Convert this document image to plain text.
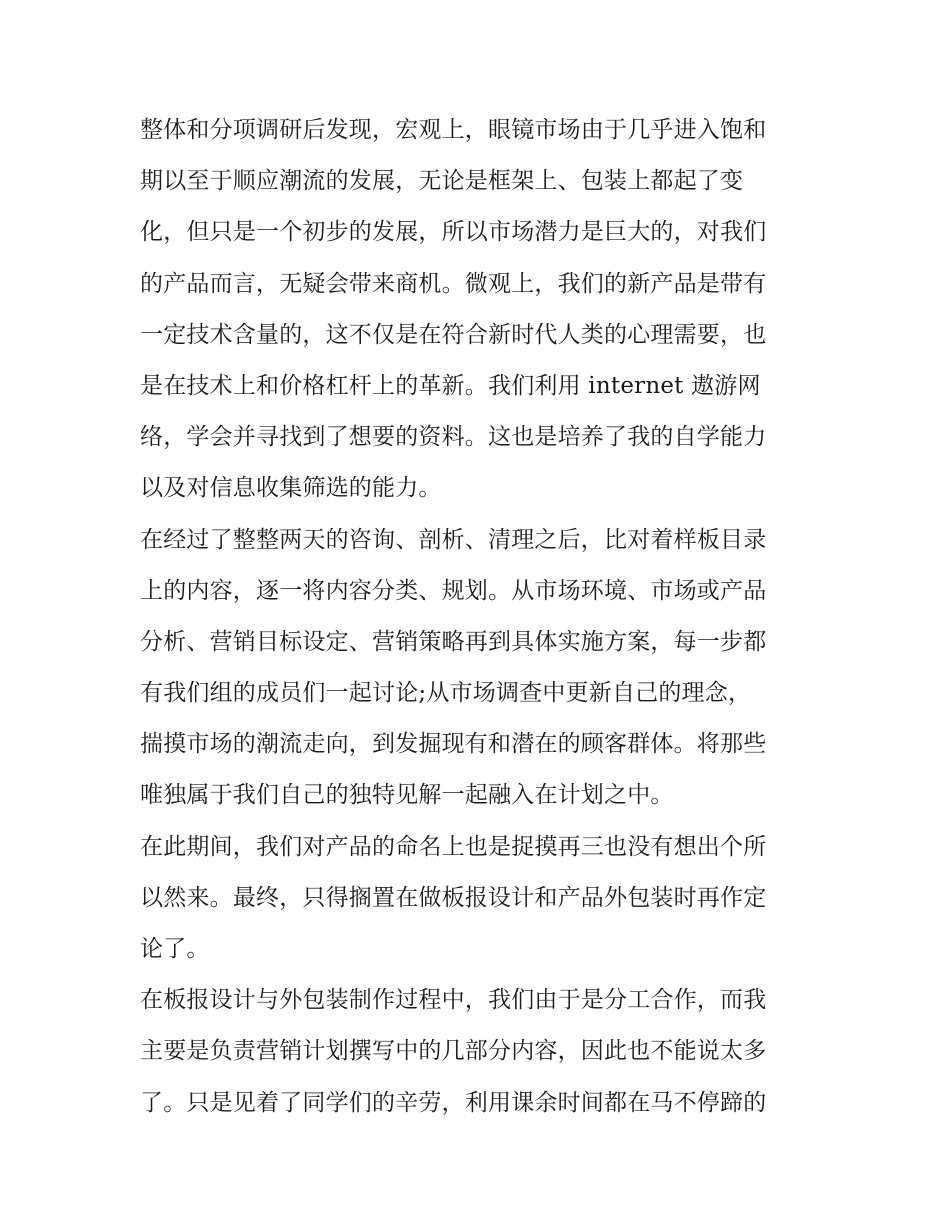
整体和分项调研后发现，宏观上，眼镜市场由于几乎进入饱和
期以至于顺应潮流的发展，无论是框架上、包装上都起了变
化，但只是一个初步的发展，所以市场潜力是巨大的，对我们
的产品而言，无疑会带来商机。微观上，我们的新产品是带有
一定技术含量的，这不仅是在符合新时代人类的心理需要，也
是在技术上和价格杠杆上的革新。我们利用 internet 遨游网
络，学会并寻找到了想要的资料。这也是培养了我的自学能力
以及对信息收集筛选的能力。

在经过了整整两天的咨询、剖析、清理之后，比对着样板目录
上的内容，逐一将内容分类、规划。从市场环境、市场或产品
分析、营销目标设定、营销策略再到具体实施方案，每一步都
有我们组的成员们一起讨论;从市场调查中更新自己的理念，
揣摸市场的潮流走向，到发掘现有和潜在的顾客群体。将那些
唯独属于我们自己的独特见解一起融入在计划之中。

在此期间，我们对产品的命名上也是捉摸再三也没有想出个所
以然来。最终，只得搁置在做板报设计和产品外包装时再作定
论了。

在板报设计与外包装制作过程中，我们由于是分工合作，而我
主要是负责营销计划撰写中的几部分内容，因此也不能说太多
了。只是见着了同学们的辛劳，利用课余时间都在马不停蹄的
